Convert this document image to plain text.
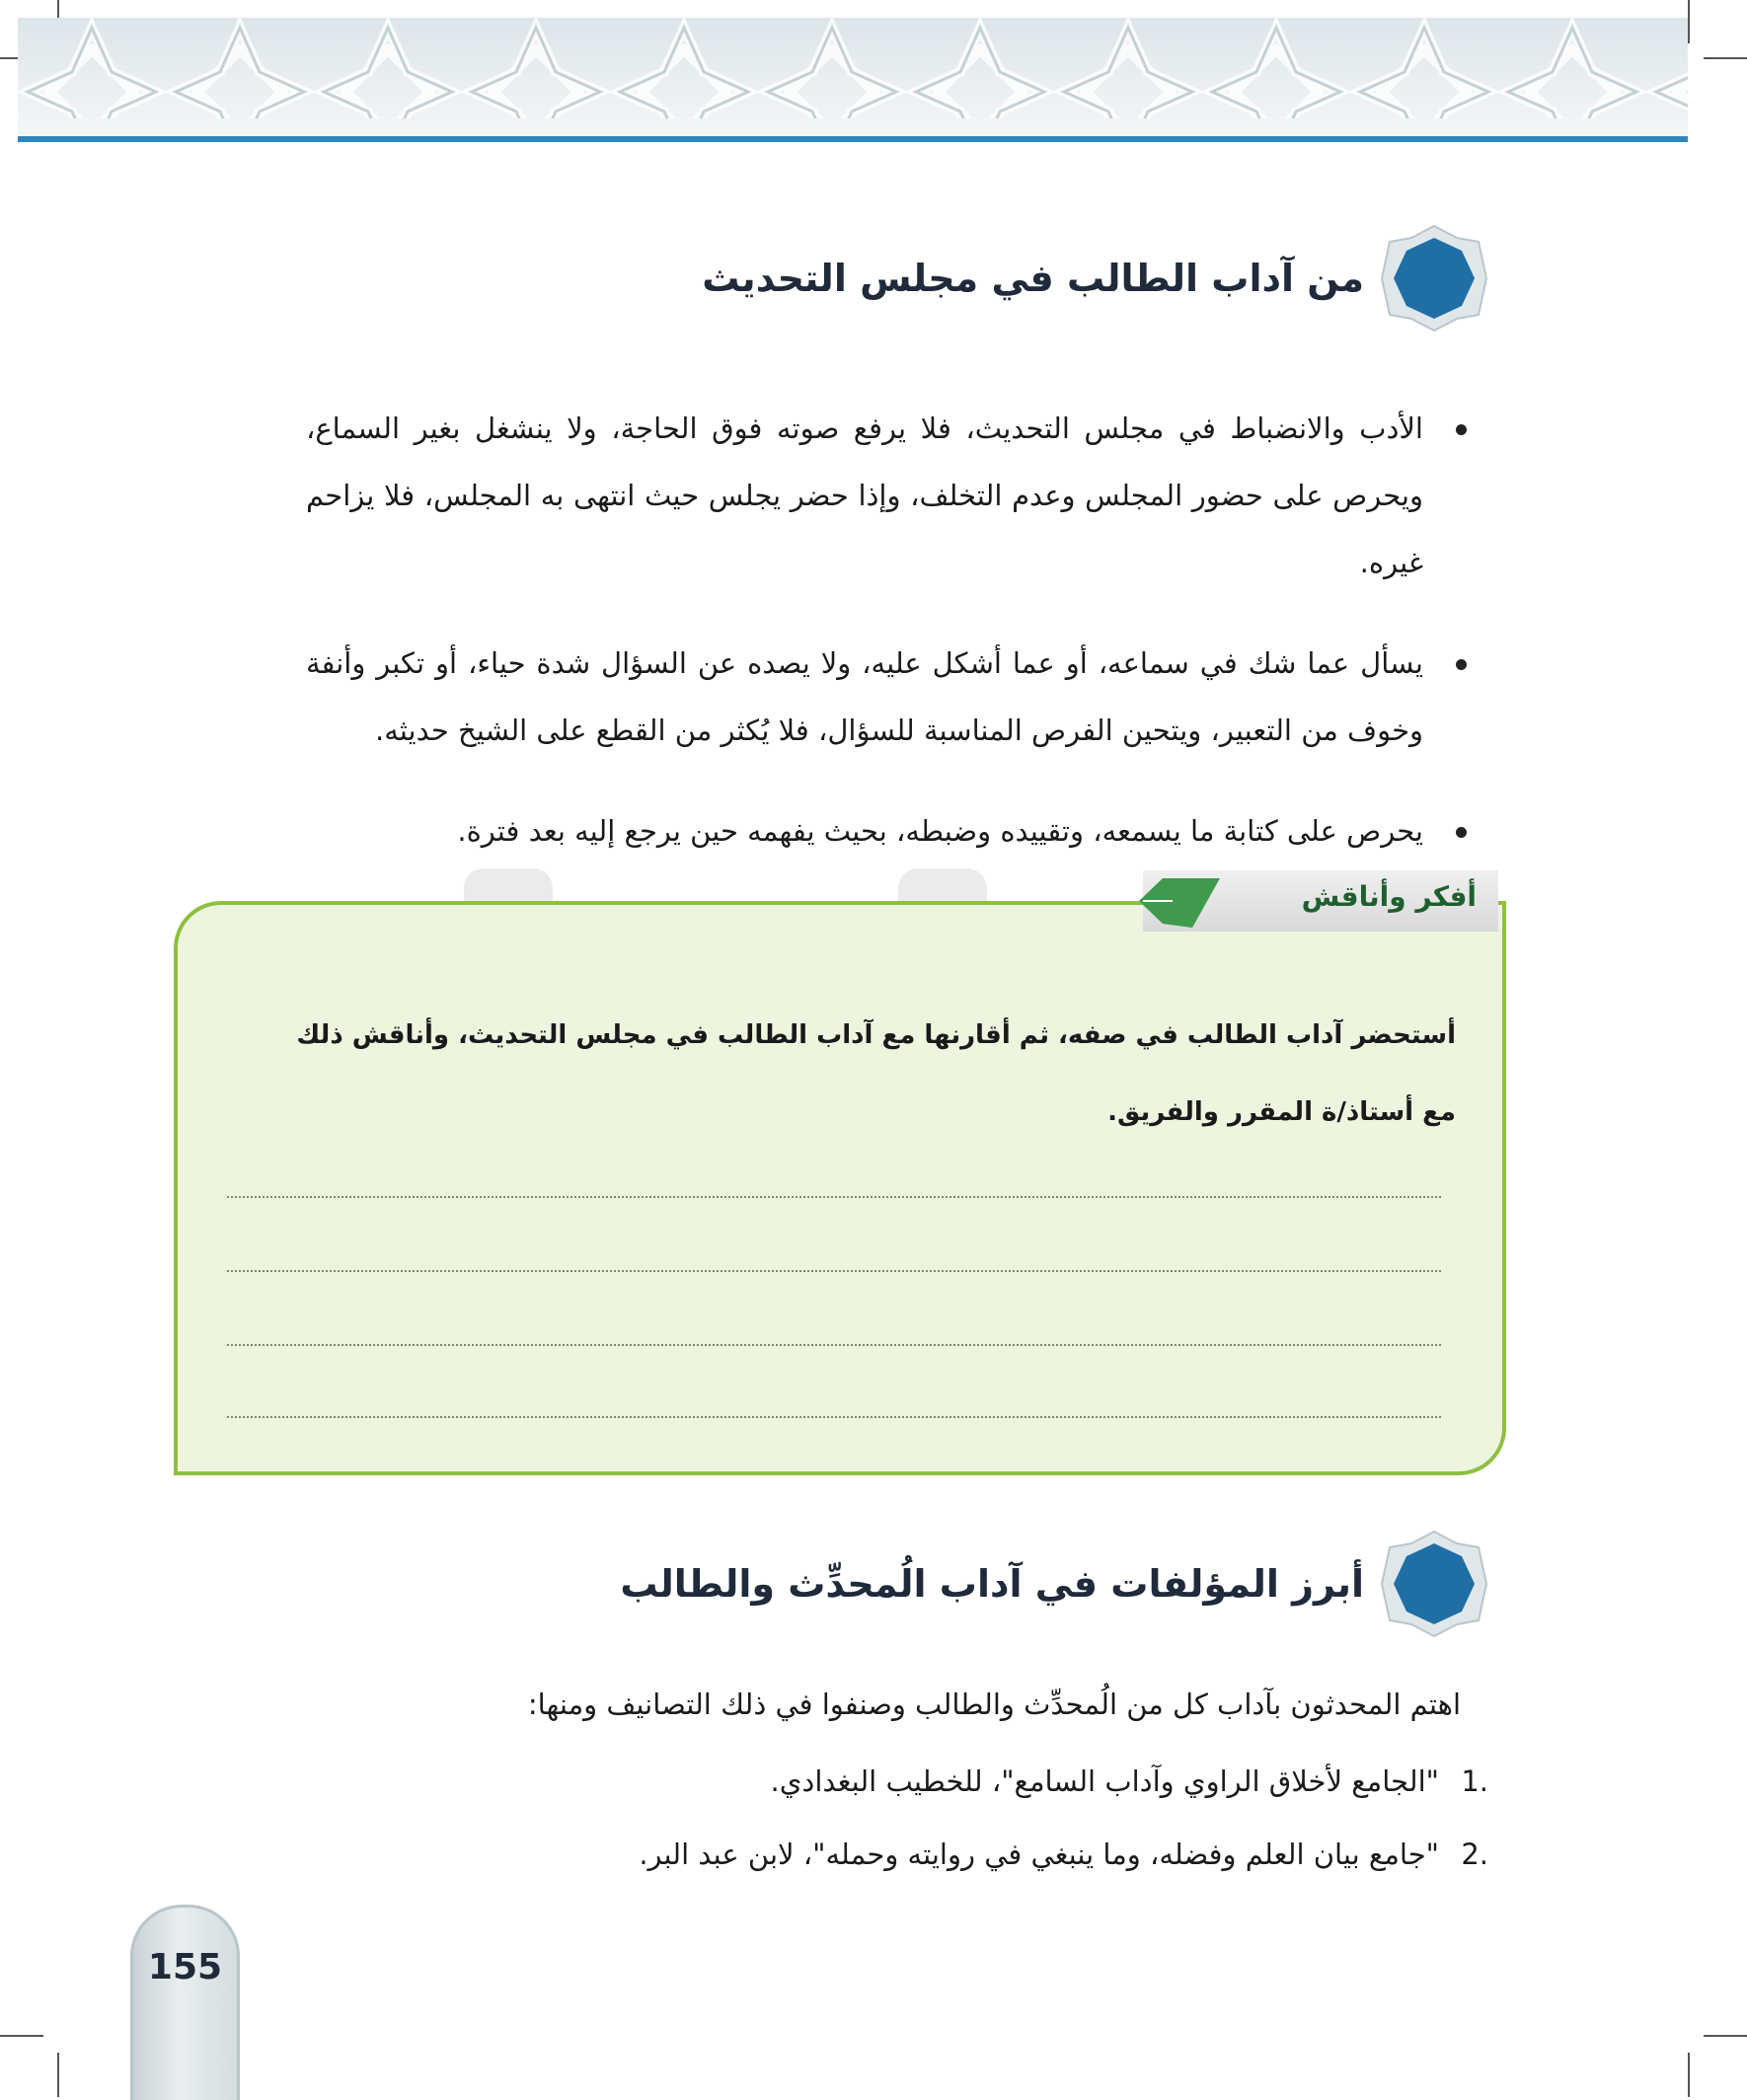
من آداب الطالب في مجلس التحديث
الأدب والانضباط في مجلس التحديث، فلا يرفع صوته فوق الحاجة، ولا ينشغل بغير السماع، ويحرص على حضور المجلس وعدم التخلف، وإذا حضر يجلس حيث انتهى به المجلس، فلا يزاحم غيره.
يسأل عما شك في سماعه، أو عما أشكل عليه، ولا يصده عن السؤال شدة حياء، أو تكبر وأنفة وخوف من التعبير، ويتحين الفرص المناسبة للسؤال، فلا يُكثر من القطع على الشيخ حديثه.
يحرص على كتابة ما يسمعه، وتقييده وضبطه، بحيث يفهمه حين يرجع إليه بعد فترة.
أفكر وأناقش
أستحضر آداب الطالب في صفه، ثم أقارنها مع آداب الطالب في مجلس التحديث، وأناقش ذلك مع أستاذ/ة المقرر والفريق.
أبرز المؤلفات في آداب الُمحدِّث والطالب
اهتم المحدثون بآداب كل من الُمحدِّث والطالب وصنفوا في ذلك التصانيف ومنها:
1."الجامع لأخلاق الراوي وآداب السامع"، للخطيب البغدادي.
2."جامع بيان العلم وفضله، وما ينبغي في روايته وحمله"، لابن عبد البر.
155
